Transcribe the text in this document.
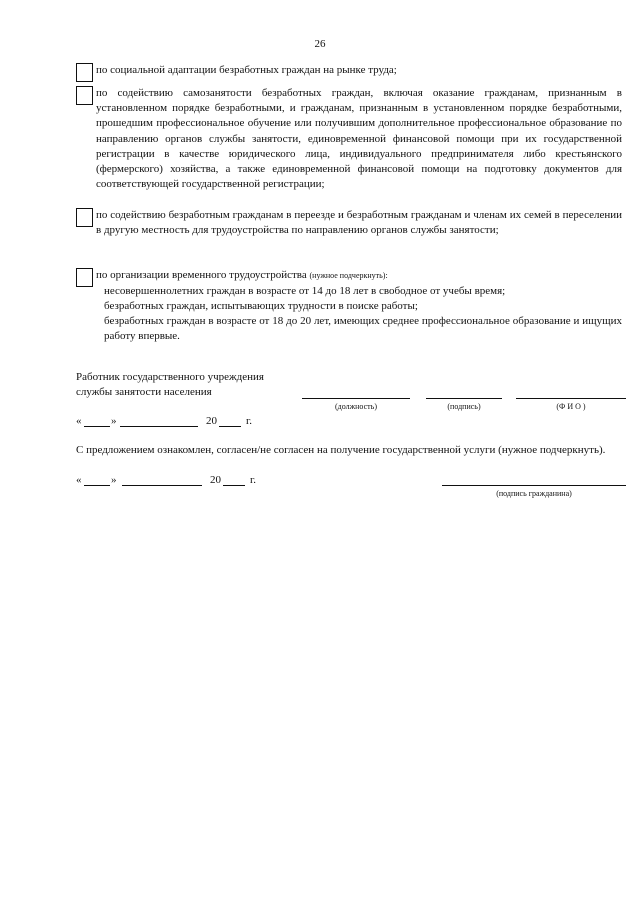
26
по социальной адаптации безработных граждан на рынке труда;
по содействию самозанятости безработных граждан, включая оказание гражданам, признанным в установленном порядке безработными, и гражданам, признанным в установленном порядке безработными, прошедшим профессиональное обучение или получившим дополнительное профессиональное образование по направлению органов службы занятости, единовременной финансовой помощи при их государственной регистрации в качестве юридического лица, индивидуального предпринимателя либо крестьянского (фермерского) хозяйства, а также единовременной финансовой помощи на подготовку документов для соответствующей государственной регистрации;
по содействию безработным гражданам в переезде и безработным гражданам и членам их семей в переселении в другую местность для трудоустройства по направлению органов службы занятости;
по организации временного трудоустройства (нужное подчеркнуть):
несовершеннолетних граждан в возрасте от 14 до 18 лет в свободное от учебы время;
безработных граждан, испытывающих трудности в поиске работы;
безработных граждан в возрасте от 18 до 20 лет, имеющих среднее профессиональное образование и ищущих работу впервые.
Работник государственного учреждения
службы занятости населения
(должность)	(подпись)	(Ф И О )
«	»	20	г.
С предложением ознакомлен, согласен/не согласен на получение государственной услуги (нужное подчеркнуть).
«	»	20	г.
(подпись гражданина)
